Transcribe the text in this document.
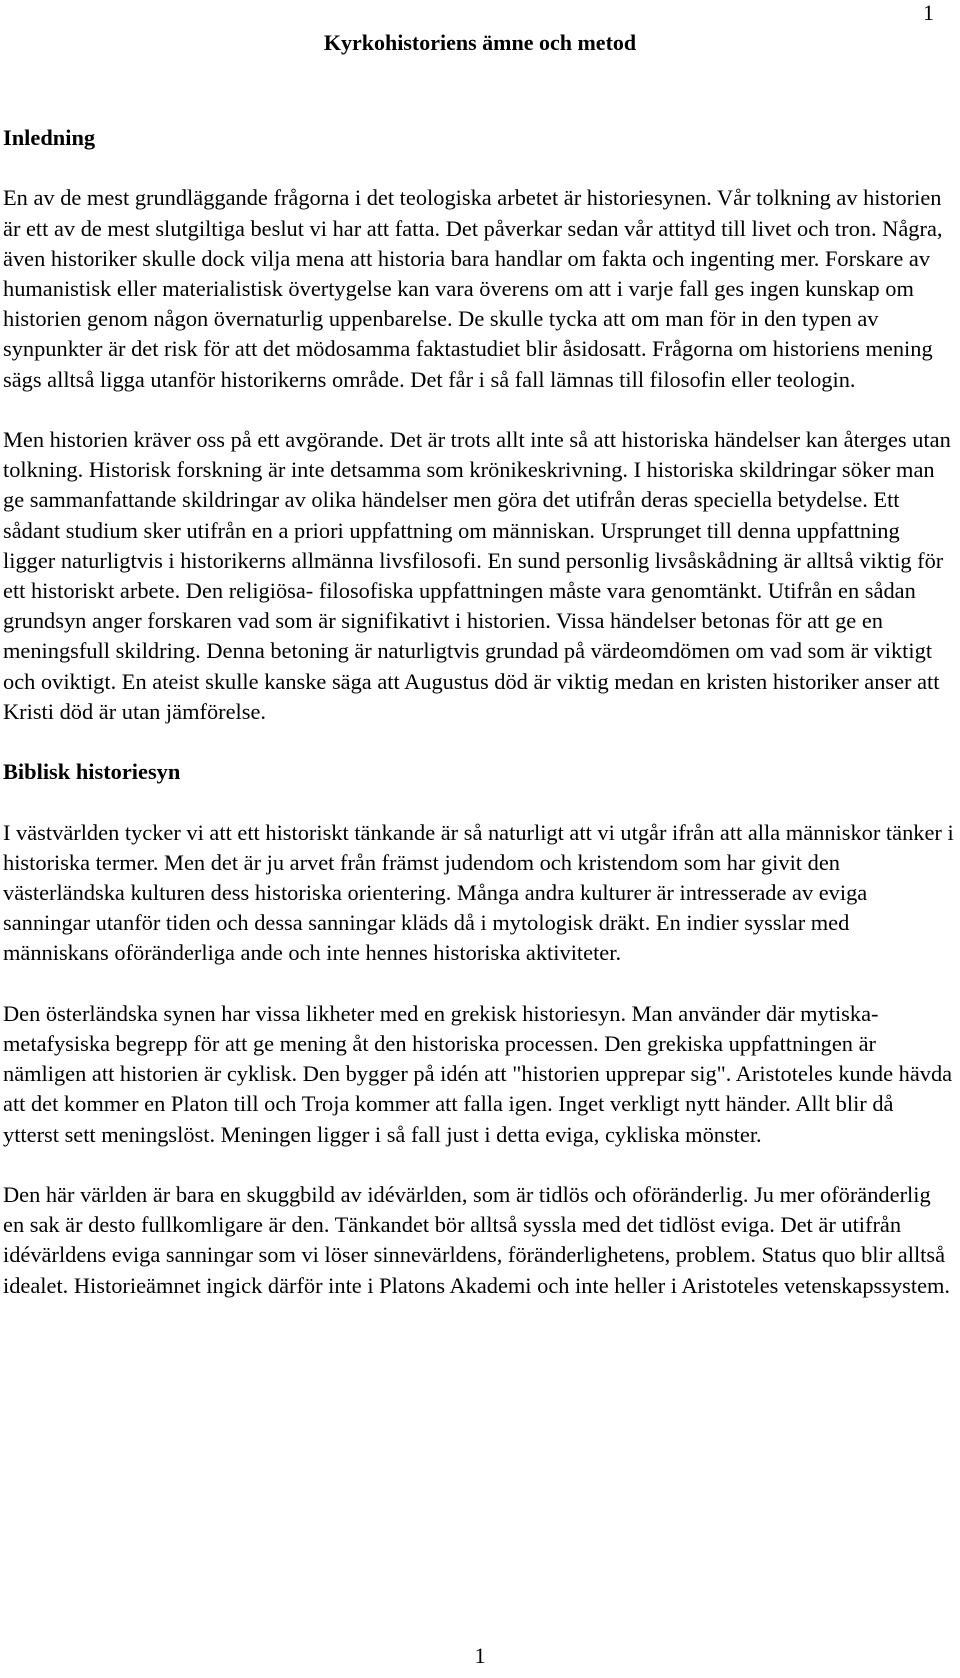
1
Kyrkohistoriens ämne och metod
Inledning

En av de mest grundläggande frågorna i det teologiska arbetet är historiesynen. Vår tolkning av historien är ett av de mest slutgiltiga beslut vi har att fatta. Det påverkar sedan vår attityd till livet och tron. Några, även historiker skulle dock vilja mena att historia bara handlar om fakta och ingenting mer. Forskare av humanistisk eller materialistisk övertygelse kan vara överens om att i varje fall ges ingen kunskap om historien genom någon övernaturlig uppenbarelse. De skulle tycka att om man för in den typen av synpunkter är det risk för att det mödosamma faktastudiet blir åsidosatt. Frågorna om historiens mening sägs alltså ligga utanför historikerns område. Det får i så fall lämnas till filosofin eller teologin.

Men historien kräver oss på ett avgörande. Det är trots allt inte så att historiska händelser kan återges utan tolkning. Historisk forskning är inte detsamma som krönikeskrivning. I historiska skildringar söker man ge sammanfattande skildringar av olika händelser men göra det utifrån deras speciella betydelse. Ett sådant studium sker utifrån en a priori uppfattning om människan. Ursprunget till denna uppfattning ligger naturligtvis i historikerns allmänna livsfilosofi. En sund personlig livsåskådning är alltså viktig för ett historiskt arbete. Den religiösa- filosofiska uppfattningen måste vara genomtänkt. Utifrån en sådan grundsyn anger forskaren vad som är signifikativt i historien. Vissa händelser betonas för att ge en meningsfull skildring. Denna betoning är naturligtvis grundad på värdeomdömen om vad som är viktigt och oviktigt. En ateist skulle kanske säga att Augustus död är viktig medan en kristen historiker anser att Kristi död är utan jämförelse.

Biblisk historiesyn

I västvärlden tycker vi att ett historiskt tänkande är så naturligt att vi utgår ifrån att alla människor tänker i historiska termer. Men det är ju arvet från främst judendom och kristendom som har givit den västerländska kulturen dess historiska orientering. Många andra kulturer är intresserade av eviga sanningar utanför tiden och dessa sanningar kläds då i mytologisk dräkt. En indier sysslar med människans oföränderliga ande och inte hennes historiska aktiviteter.

Den österländska synen har vissa likheter med en grekisk historiesyn. Man använder där mytiska-metafysiska begrepp för att ge mening åt den historiska processen. Den grekiska uppfattningen är nämligen att historien är cyklisk. Den bygger på idén att "historien upprepar sig". Aristoteles kunde hävda att det kommer en Platon till och Troja kommer att falla igen. Inget verkligt nytt händer. Allt blir då ytterst sett meningslöst. Meningen ligger i så fall just i detta eviga, cykliska mönster.

Den här världen är bara en skuggbild av idévärlden, som är tidlös och oföränderlig. Ju mer oföränderlig en sak är desto fullkomligare är den. Tänkandet bör alltså syssla med det tidlöst eviga. Det är utifrån idévärldens eviga sanningar som vi löser sinnevärldens, föränderlighetens, problem. Status quo blir alltså idealet. Historieämnet ingick därför inte i Platons Akademi och inte heller i Aristoteles vetenskapssystem.

1
